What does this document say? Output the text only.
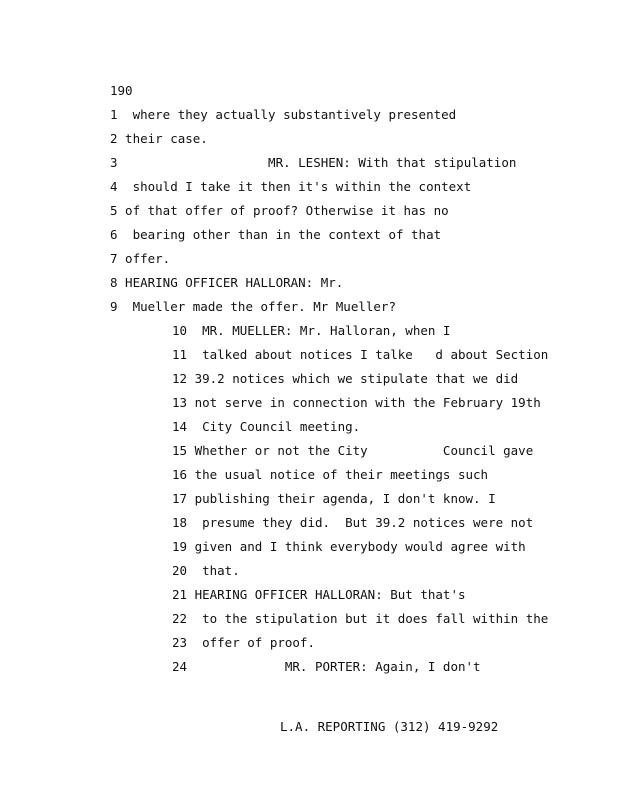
190
1  where they actually substantively presented
2 their case.
3                    MR. LESHEN: With that stipulation
4  should I take it then it's within the context
5 of that offer of proof? Otherwise it has no
6  bearing other than in the context of that
7 offer.
8 HEARING OFFICER HALLORAN: Mr.
9  Mueller made the offer. Mr Mueller?
10  MR. MUELLER: Mr. Halloran, when I
11  talked about notices I talke   d about Section
12 39.2 notices which we stipulate that we did
13 not serve in connection with the February 19th
14  City Council meeting.
15 Whether or not the City          Council gave
16 the usual notice of their meetings such
17 publishing their agenda, I don't know. I
18  presume they did.  But 39.2 notices were not
19 given and I think everybody would agree with
20  that.
21 HEARING OFFICER HALLORAN: But that's
22  to the stipulation but it does fall within the
23  offer of proof.
24             MR. PORTER: Again, I don't
L.A. REPORTING (312) 419-9292
